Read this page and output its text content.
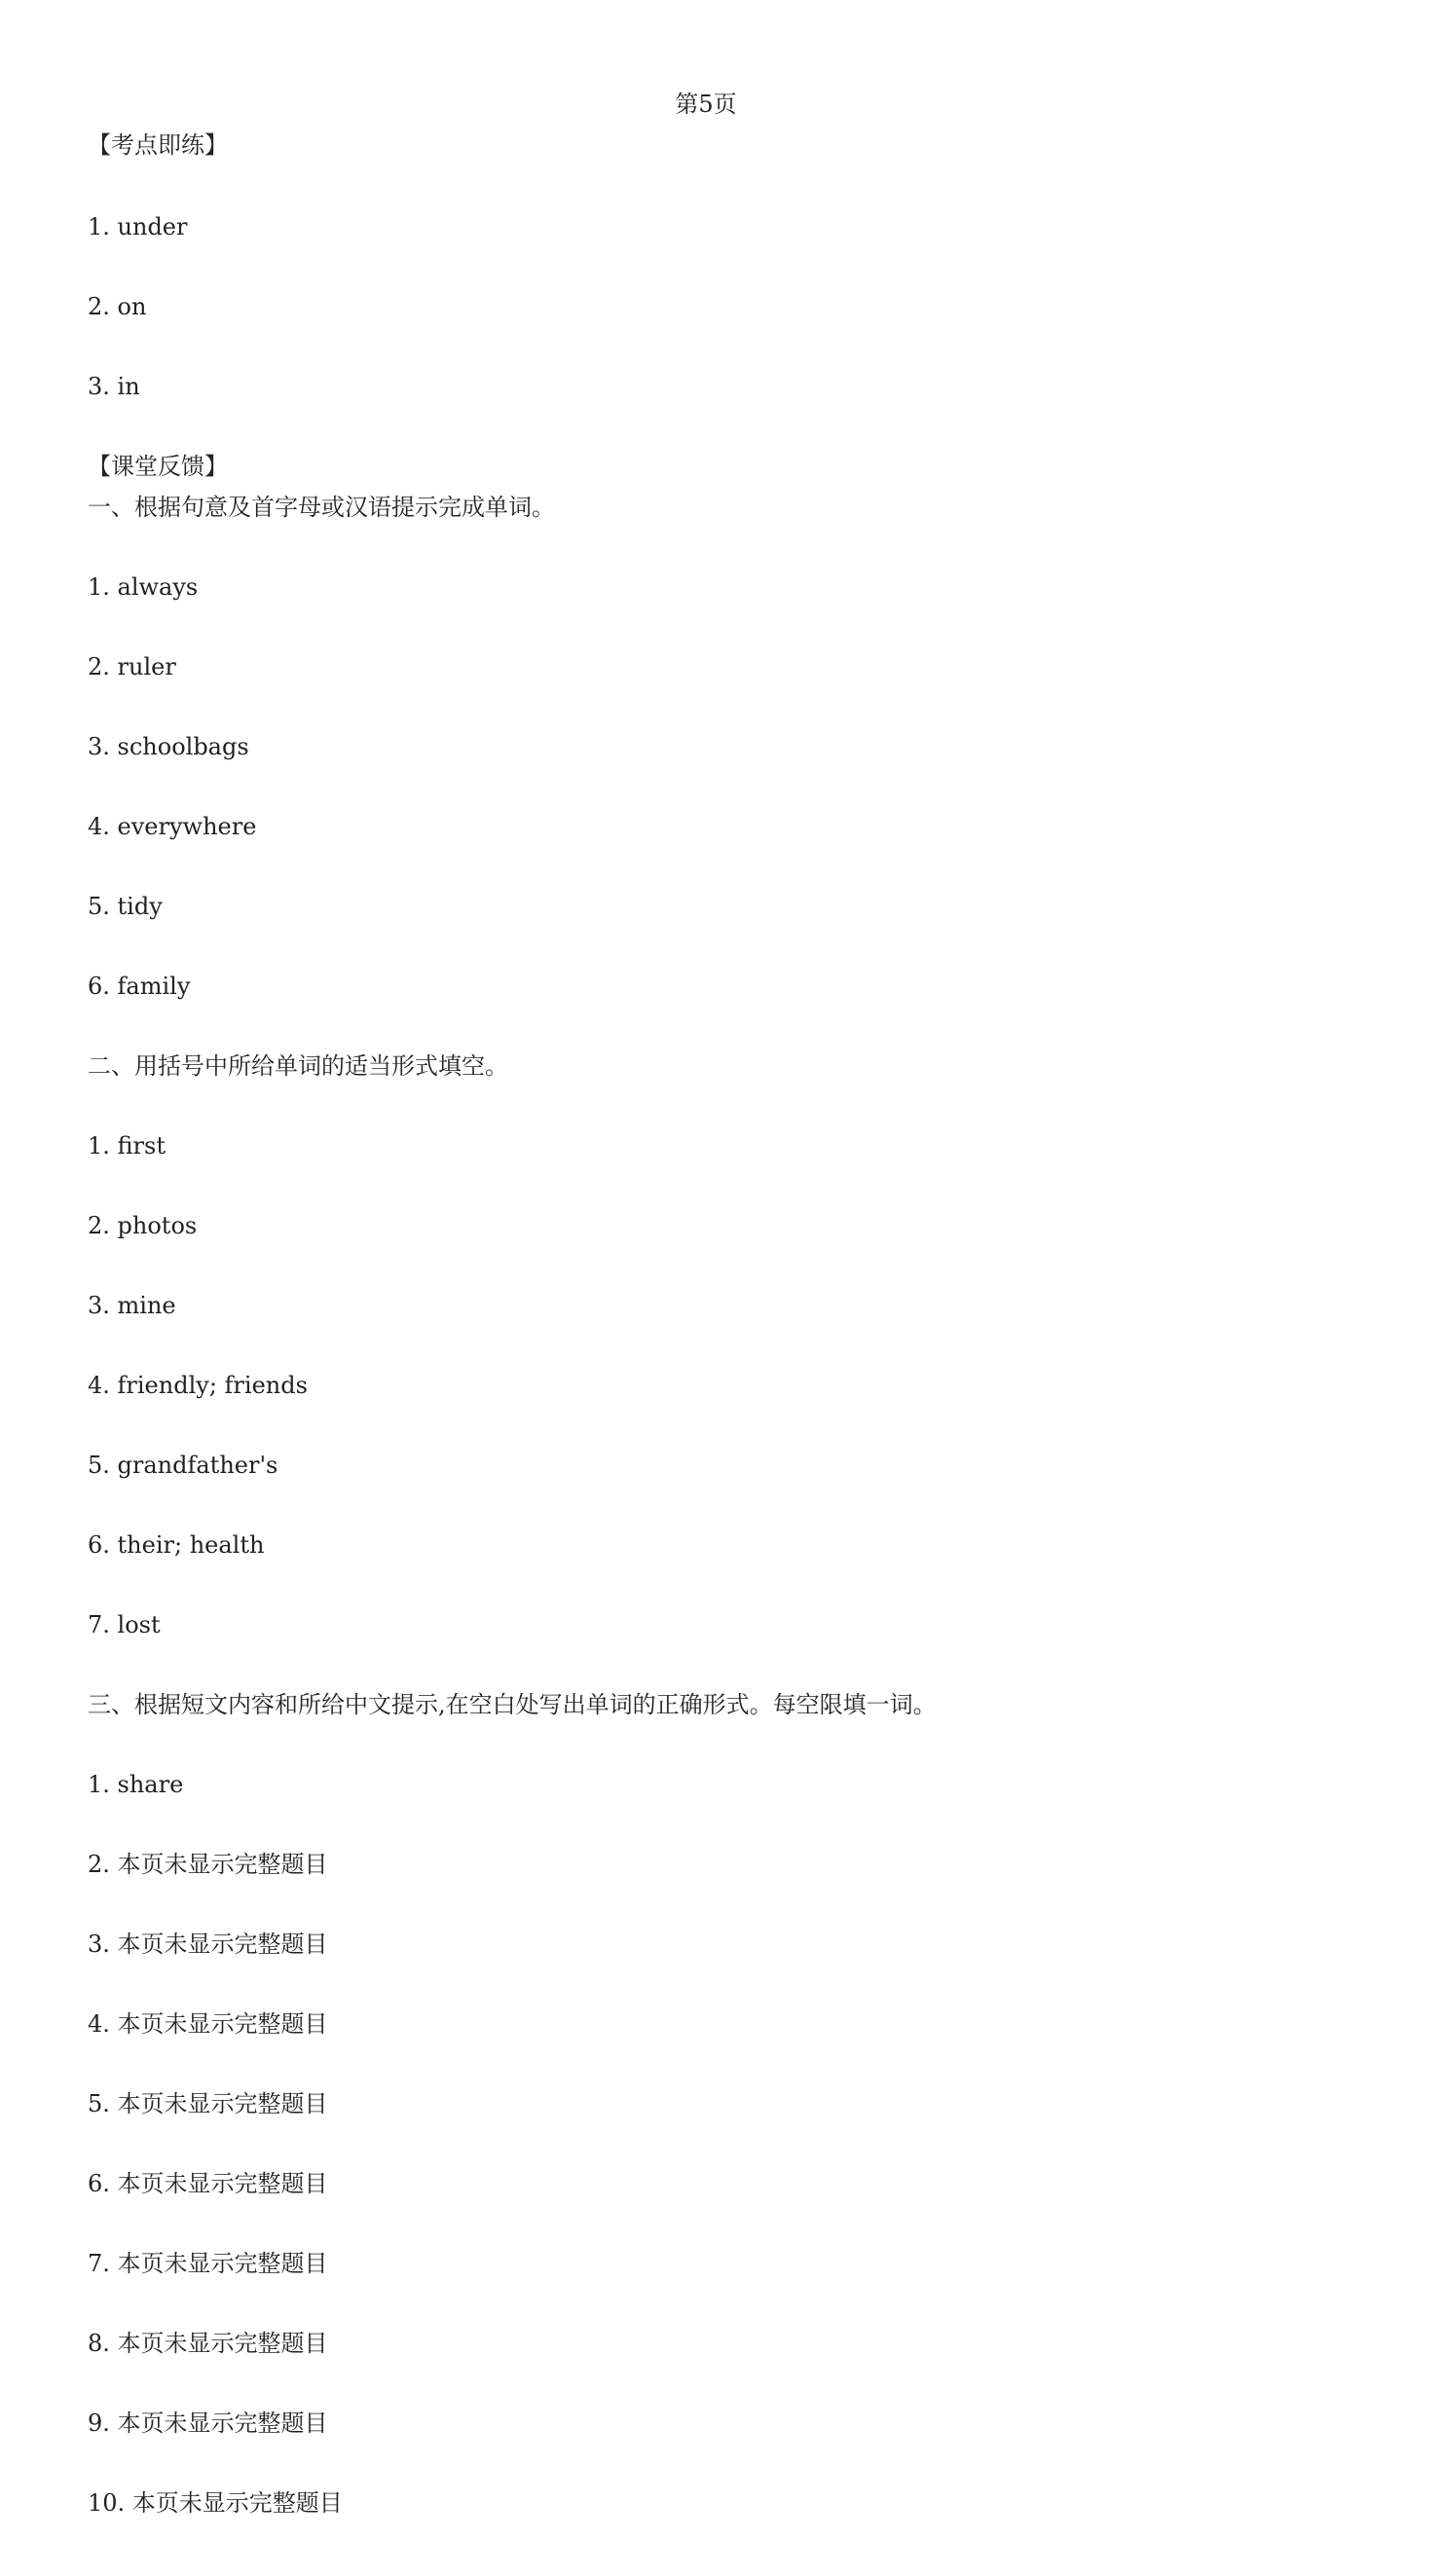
第5页
【考点即练】
1. under
2. on
3. in
【课堂反馈】
一、根据句意及首字母或汉语提示完成单词。
1. always
2. ruler
3. schoolbags
4. everywhere
5. tidy
6. family
二、用括号中所给单词的适当形式填空。
1. first
2. photos
3. mine
4. friendly; friends
5. grandfather's
6. their; health
7. lost
三、根据短文内容和所给中文提示,在空白处写出单词的正确形式。每空限填一词。
1. share
2. 本页未显示完整题目
3. 本页未显示完整题目
4. 本页未显示完整题目
5. 本页未显示完整题目
6. 本页未显示完整题目
7. 本页未显示完整题目
8. 本页未显示完整题目
9. 本页未显示完整题目
10. 本页未显示完整题目
